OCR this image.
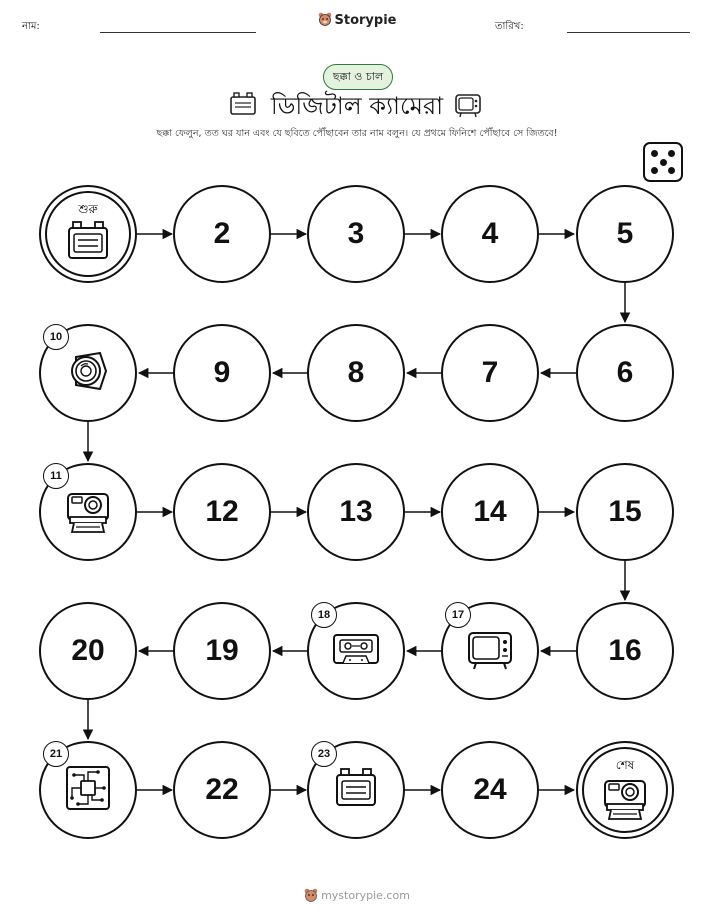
নাম:	Storypie	তারিখ:
ছক্কা ও চাল
ডিজিটাল ক্যামেরা
ছক্কা ফেলুন, তত ঘর যান এবং যে ছবিতে পৌঁছাবেন তার নাম বলুন। যে প্রথমে ফিনিশে পৌঁছাবে সে জিতবে!
শুরু
2	3	4	5
6
7
8
9
10
11
12	13	14	15
16
17
18
19
20
21
22
23
24
শেষ
mystorypie.com
